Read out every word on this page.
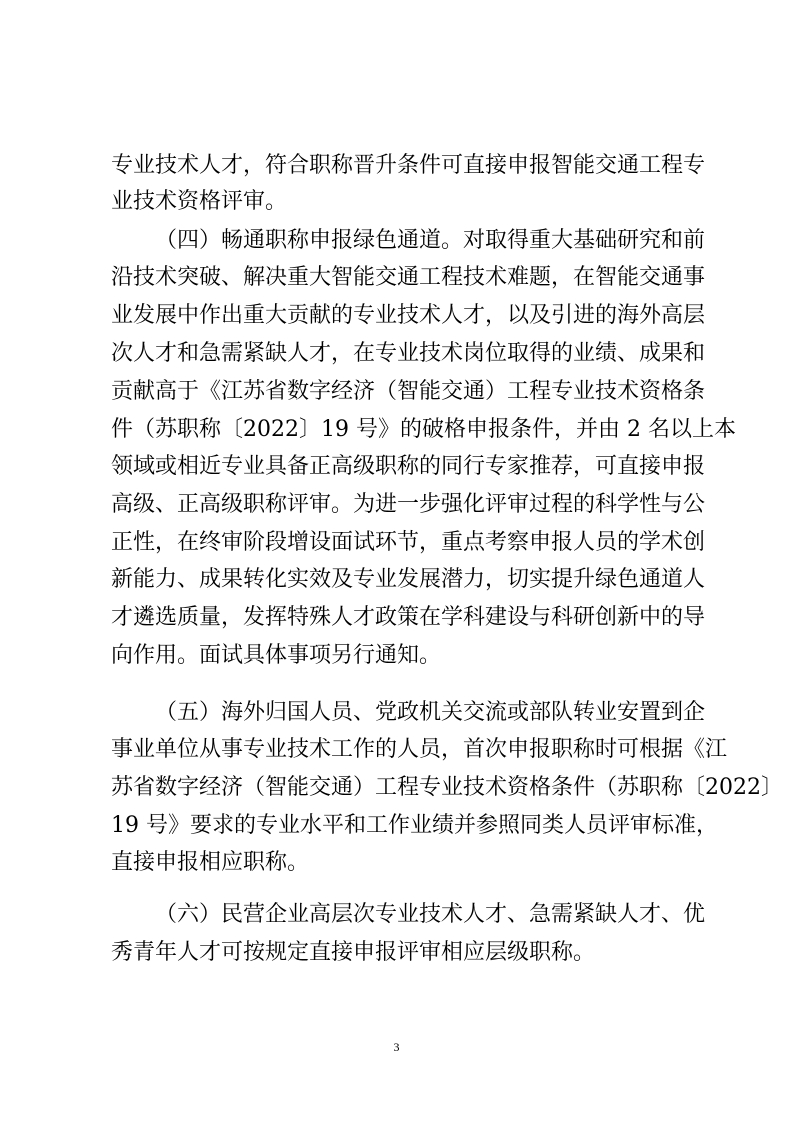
专业技术人才，符合职称晋升条件可直接申报智能交通工程专
业技术资格评审。
（四）畅通职称申报绿色通道。对取得重大基础研究和前
沿技术突破、解决重大智能交通工程技术难题，在智能交通事
业发展中作出重大贡献的专业技术人才，以及引进的海外高层
次人才和急需紧缺人才，在专业技术岗位取得的业绩、成果和
贡献高于《江苏省数字经济（智能交通）工程专业技术资格条
件（苏职称〔2022〕19 号》的破格申报条件，并由 2 名以上本
领域或相近专业具备正高级职称的同行专家推荐，可直接申报
高级、正高级职称评审。为进一步强化评审过程的科学性与公
正性，在终审阶段增设面试环节，重点考察申报人员的学术创
新能力、成果转化实效及专业发展潜力，切实提升绿色通道人
才遴选质量，发挥特殊人才政策在学科建设与科研创新中的导
向作用。面试具体事项另行通知。
（五）海外归国人员、党政机关交流或部队转业安置到企
事业单位从事专业技术工作的人员，首次申报职称时可根据《江
苏省数字经济（智能交通）工程专业技术资格条件（苏职称〔2022〕
19 号》要求的专业水平和工作业绩并参照同类人员评审标准，
直接申报相应职称。
（六）民营企业高层次专业技术人才、急需紧缺人才、优
秀青年人才可按规定直接申报评审相应层级职称。
3
